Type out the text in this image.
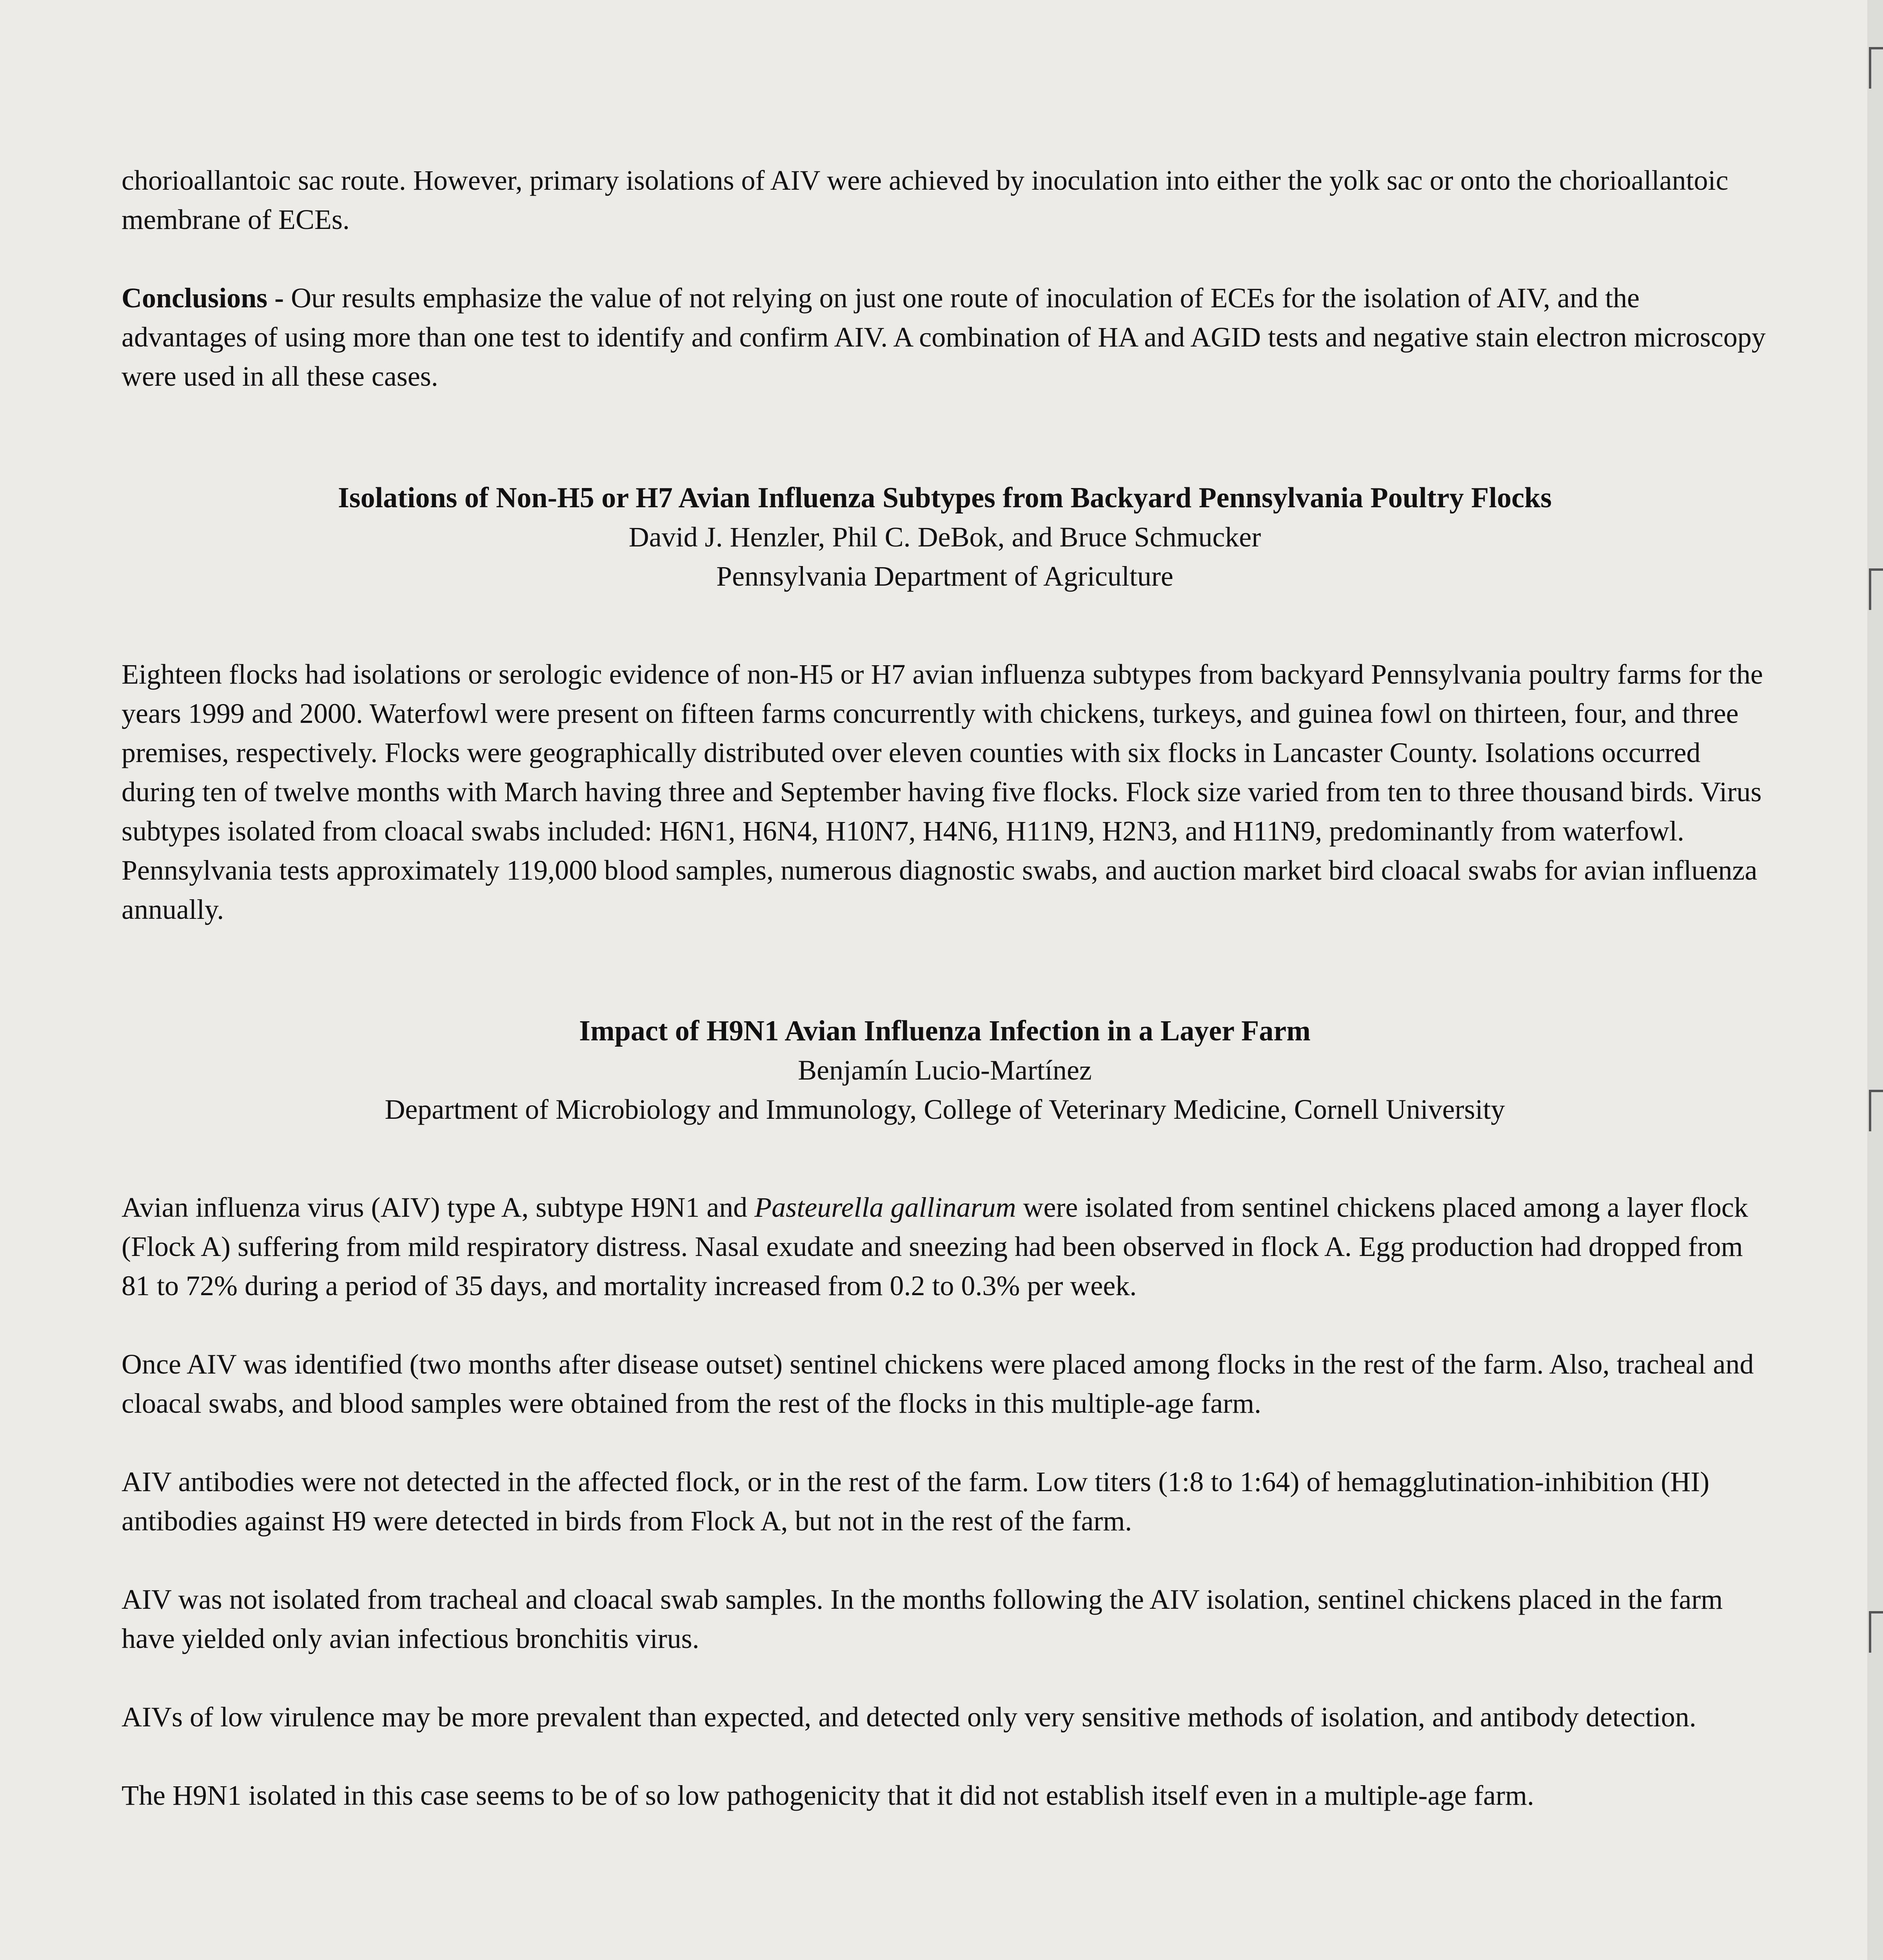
chorioallantoic sac route. However, primary isolations of AIV were achieved by inoculation into either the yolk sac or onto the chorioallantoic membrane of ECEs.

Conclusions - Our results emphasize the value of not relying on just one route of inoculation of ECEs for the isolation of AIV, and the advantages of using more than one test to identify and confirm AIV. A combination of HA and AGID tests and negative stain electron microscopy were used in all these cases.

Isolations of Non-H5 or H7 Avian Influenza Subtypes from Backyard Pennsylvania Poultry Flocks

David J. Henzler, Phil C. DeBok, and Bruce Schmucker

Pennsylvania Department of Agriculture

Eighteen flocks had isolations or serologic evidence of non-H5 or H7 avian influenza subtypes from backyard Pennsylvania poultry farms for the years 1999 and 2000. Waterfowl were present on fifteen farms concurrently with chickens, turkeys, and guinea fowl on thirteen, four, and three premises, respectively. Flocks were geographically distributed over eleven counties with six flocks in Lancaster County. Isolations occurred during ten of twelve months with March having three and September having five flocks. Flock size varied from ten to three thousand birds. Virus subtypes isolated from cloacal swabs included: H6N1, H6N4, H10N7, H4N6, H11N9, H2N3, and H11N9, predominantly from waterfowl. Pennsylvania tests approximately 119,000 blood samples, numerous diagnostic swabs, and auction market bird cloacal swabs for avian influenza annually.

Impact of H9N1 Avian Influenza Infection in a Layer Farm

Benjamín Lucio-Martínez

Department of Microbiology and Immunology, College of Veterinary Medicine, Cornell University

Avian influenza virus (AIV) type A, subtype H9N1 and Pasteurella gallinarum were isolated from sentinel chickens placed among a layer flock (Flock A) suffering from mild respiratory distress. Nasal exudate and sneezing had been observed in flock A. Egg production had dropped from 81 to 72% during a period of 35 days, and mortality increased from 0.2 to 0.3% per week.

Once AIV was identified (two months after disease outset) sentinel chickens were placed among flocks in the rest of the farm. Also, tracheal and cloacal swabs, and blood samples were obtained from the rest of the flocks in this multiple-age farm.

AIV antibodies were not detected in the affected flock, or in the rest of the farm. Low titers (1:8 to 1:64) of hemagglutination-inhibition (HI) antibodies against H9 were detected in birds from Flock A, but not in the rest of the farm.

AIV was not isolated from tracheal and cloacal swab samples. In the months following the AIV isolation, sentinel chickens placed in the farm have yielded only avian infectious bronchitis virus.

AIVs of low virulence may be more prevalent than expected, and detected only very sensitive methods of isolation, and antibody detection.

The H9N1 isolated in this case seems to be of so low pathogenicity that it did not establish itself even in a multiple-age farm.
